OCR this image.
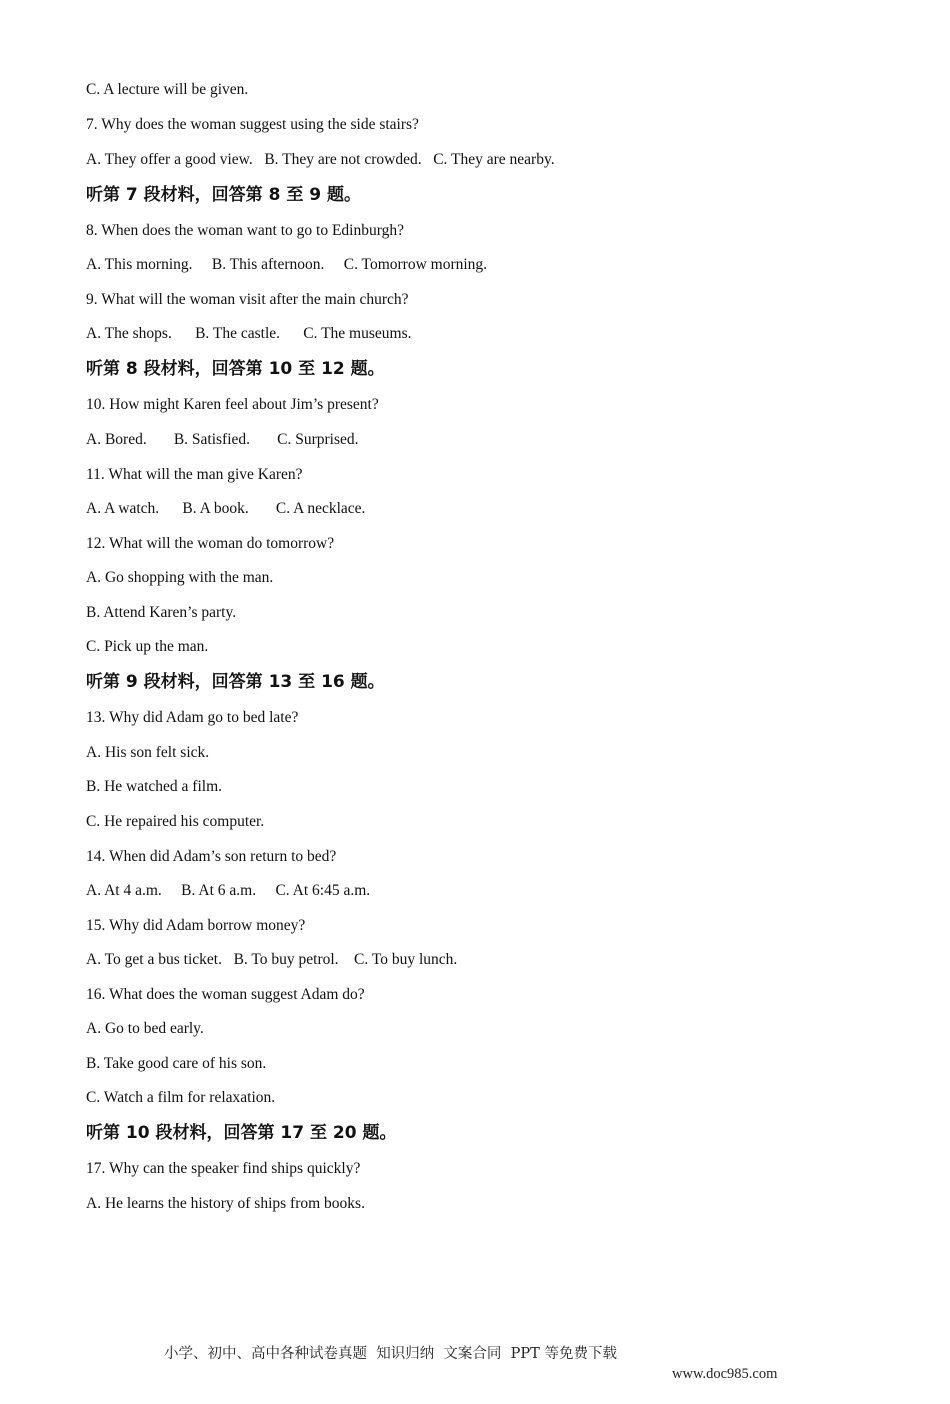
C. A lecture will be given.

7. Why does the woman suggest using the side stairs?

A. They offer a good view.   B. They are not crowded.   C. They are nearby.

听第 7 段材料，回答第 8 至 9 题。

8. When does the woman want to go to Edinburgh?

A. This morning.     B. This afternoon.     C. Tomorrow morning.

9. What will the woman visit after the main church?

A. The shops.      B. The castle.      C. The museums.

听第 8 段材料，回答第 10 至 12 题。

10. How might Karen feel about Jim’s present?

A. Bored.       B. Satisfied.       C. Surprised.

11. What will the man give Karen?

A. A watch.      B. A book.       C. A necklace.

12. What will the woman do tomorrow?

A. Go shopping with the man.

B. Attend Karen’s party.

C. Pick up the man.

听第 9 段材料，回答第 13 至 16 题。

13. Why did Adam go to bed late?

A. His son felt sick.

B. He watched a film.

C. He repaired his computer.

14. When did Adam’s son return to bed?

A. At 4 a.m.     B. At 6 a.m.     C. At 6:45 a.m.

15. Why did Adam borrow money?

A. To get a bus ticket.   B. To buy petrol.    C. To buy lunch.

16. What does the woman suggest Adam do?

A. Go to bed early.

B. Take good care of his son.

C. Watch a film for relaxation.

听第 10 段材料，回答第 17 至 20 题。

17. Why can the speaker find ships quickly?

A. He learns the history of ships from books.

小学、初中、高中各种试卷真题  知识归纳  文案合同  PPT 等免费下载

www.doc985.com
